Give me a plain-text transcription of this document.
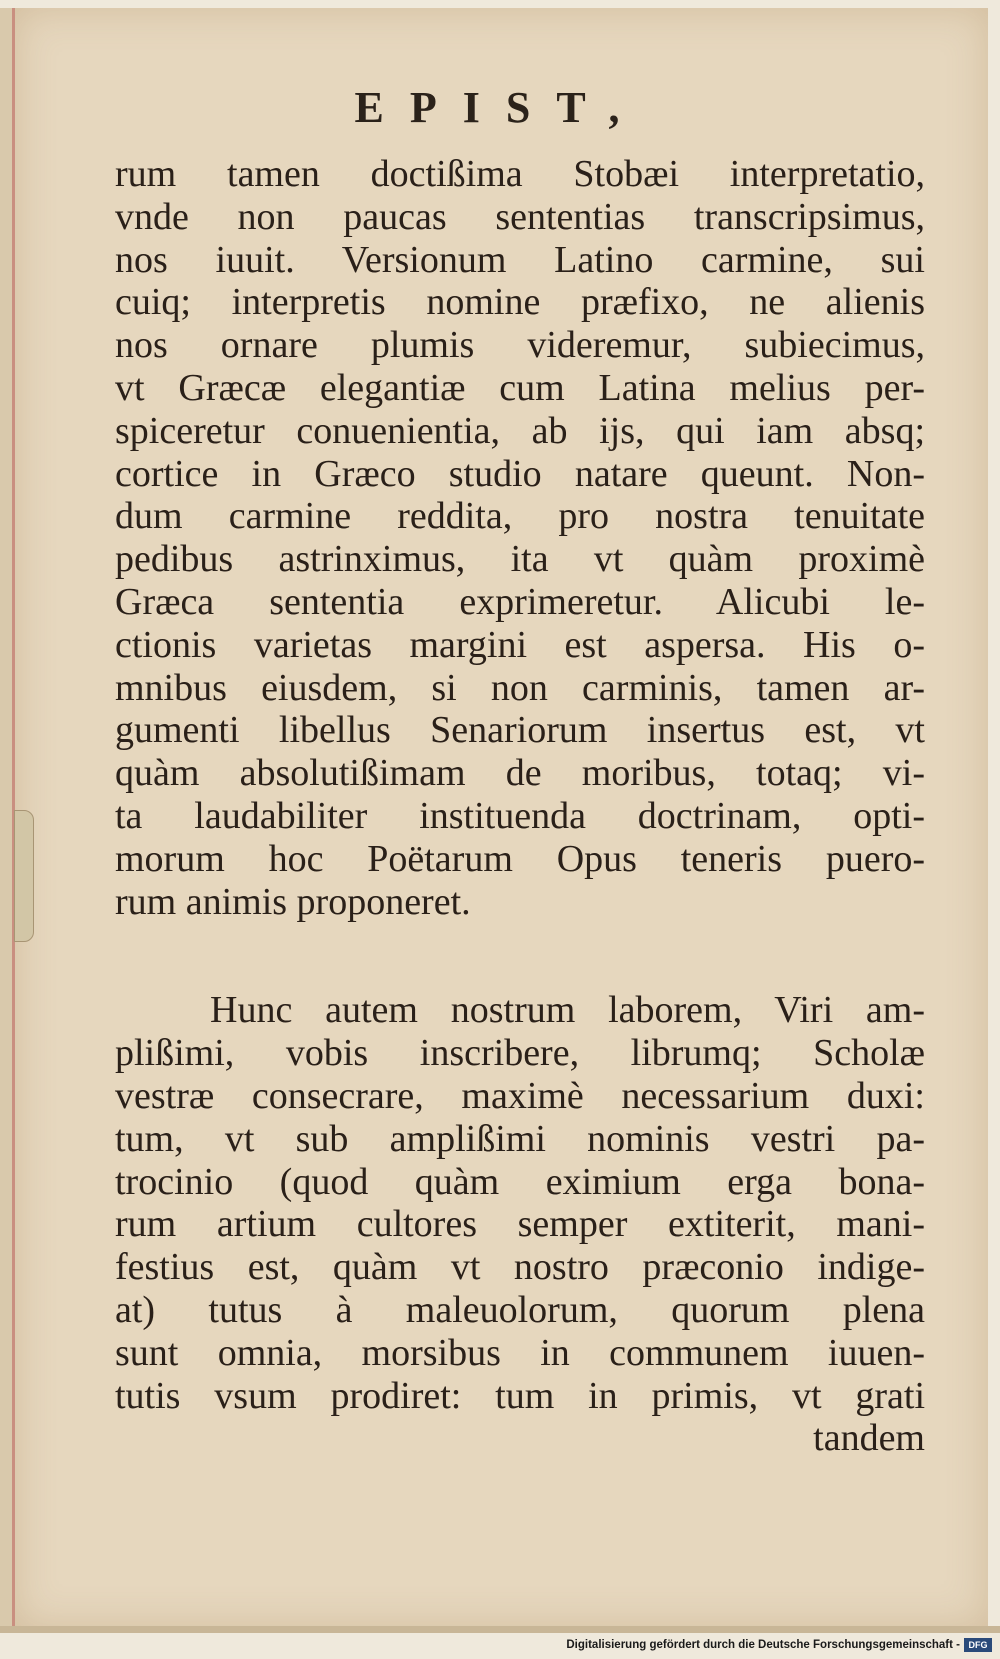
EPIST,
rum tamen doctißima Stobæi interpretatio,
vnde non paucas sententias transcripsimus,
nos iuuit. Versionum Latino carmine, sui
cuiq; interpretis nomine præfixo, ne alienis
nos ornare plumis videremur, subiecimus,
vt Græcæ elegantiæ cum Latina melius per-
spiceretur conuenientia, ab ijs, qui iam absq;
cortice in Græco studio natare queunt. Non-
dum carmine reddita, pro nostra tenuitate
pedibus astrinximus, ita vt quàm proximè
Græca sententia exprimeretur. Alicubi le-
ctionis varietas margini est aspersa. His o-
mnibus eiusdem, si non carminis, tamen ar-
gumenti libellus Senariorum insertus est, vt
quàm absolutißimam de moribus, totaq; vi-
ta laudabiliter instituenda doctrinam, opti-
morum hoc Poëtarum Opus teneris puero-
rum animis proponeret.
Hunc autem nostrum laborem, Viri am-
plißimi, vobis inscribere, librumq; Scholæ
vestræ consecrare, maximè necessarium duxi:
tum, vt sub amplißimi nominis vestri pa-
trocinio (quod quàm eximium erga bona-
rum artium cultores semper extiterit, mani-
festius est, quàm vt nostro præconio indige-
at) tutus à maleuolorum, quorum plena
sunt omnia, morsibus in communem iuuen-
tutis vsum prodiret: tum in primis, vt grati
tandem
Digitalisierung gefördert durch die Deutsche Forschungsgemeinschaft - DFG
